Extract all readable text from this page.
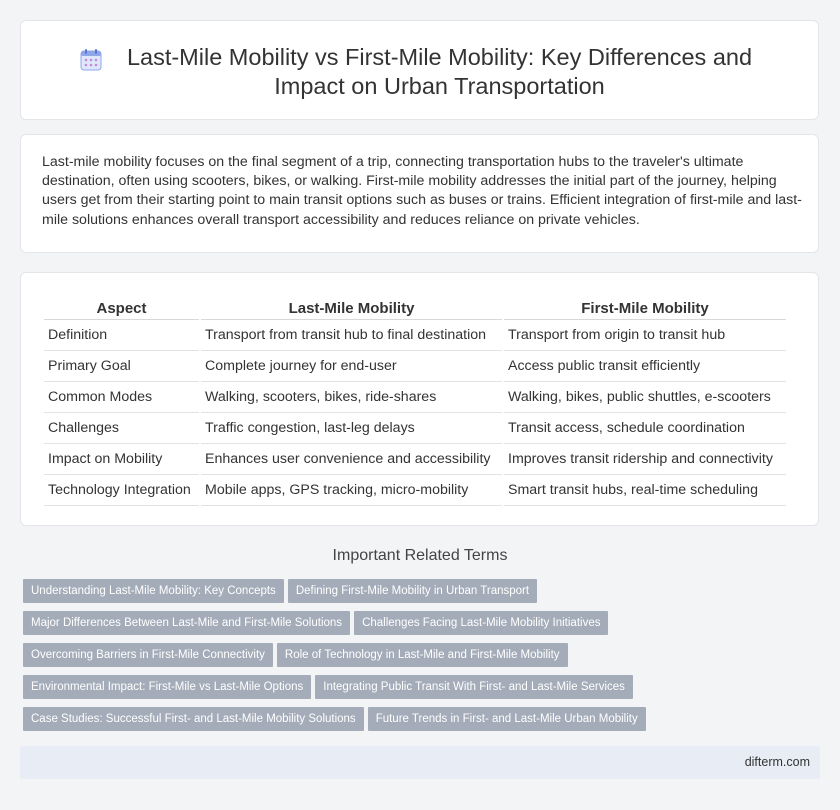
Last-Mile Mobility vs First-Mile Mobility: Key Differences and Impact on Urban Transportation

Last-mile mobility focuses on the final segment of a trip, connecting transportation hubs to the traveler's ultimate destination, often using scooters, bikes, or walking. First-mile mobility addresses the initial part of the journey, helping users get from their starting point to main transit options such as buses or trains. Efficient integration of first-mile and last-mile solutions enhances overall transport accessibility and reduces reliance on private vehicles.

Aspect	Last-Mile Mobility	First-Mile Mobility
Definition	Transport from transit hub to final destination	Transport from origin to transit hub
Primary Goal	Complete journey for end-user	Access public transit efficiently
Common Modes	Walking, scooters, bikes, ride-shares	Walking, bikes, public shuttles, e-scooters
Challenges	Traffic congestion, last-leg delays	Transit access, schedule coordination
Impact on Mobility	Enhances user convenience and accessibility	Improves transit ridership and connectivity
Technology Integration	Mobile apps, GPS tracking, micro-mobility	Smart transit hubs, real-time scheduling
Important Related Terms
Understanding Last-Mile Mobility: Key Concepts Defining First-Mile Mobility in Urban Transport
Major Differences Between Last-Mile and First-Mile Solutions Challenges Facing Last-Mile Mobility Initiatives
Overcoming Barriers in First-Mile Connectivity Role of Technology in Last-Mile and First-Mile Mobility
Environmental Impact: First-Mile vs Last-Mile Options Integrating Public Transit With First- and Last-Mile Services
Case Studies: Successful First- and Last-Mile Mobility Solutions Future Trends in First- and Last-Mile Urban Mobility
difterm.com
